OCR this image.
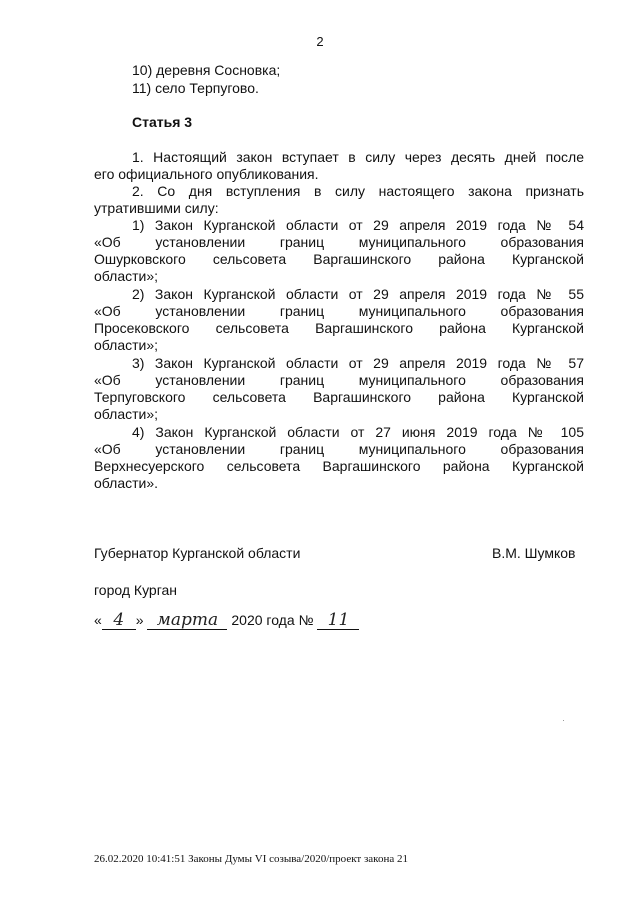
2
10) деревня Сосновка;
11) село Терпугово.
Статья 3
1. Настоящий закон вступает в силу через десять дней после
его официального опубликования.
2. Со дня вступления в силу настоящего закона признать
утратившими силу:
1) Закон Курганской области от 29 апреля 2019 года № 54
«Об установлении границ муниципального образования
Ошурковского сельсовета Варгашинского района Курганской
области»;
2) Закон Курганской области от 29 апреля 2019 года № 55
«Об установлении границ муниципального образования
Просековского сельсовета Варгашинского района Курганской
области»;
3) Закон Курганской области от 29 апреля 2019 года № 57
«Об установлении границ муниципального образования
Терпуговского сельсовета Варгашинского района Курганской
области»;
4) Закон Курганской области от 27 июня 2019 года № 105
«Об установлении границ муниципального образования
Верхнесуерского сельсовета Варгашинского района Курганской
области».
Губернатор Курганской области	В.М. Шумков
город Курган
« 4 » марта 2020 года № 11
26.02.2020 10:41:51 Законы Думы VI созыва/2020/проект закона 21
